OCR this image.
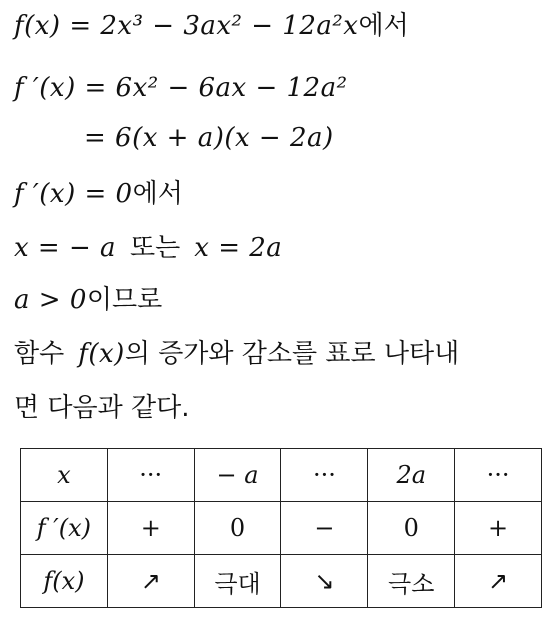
f(x) = 2x³ − 3ax² − 12a²x에서
f ′(x) = 6x² − 6ax − 12a²
= 6(x + a)(x − 2a)
f ′(x) = 0에서
x = − a 또는 x = 2a
a > 0이므로
함수 f(x)의 증가와 감소를 표로 나타내
면 다음과 같다.
x	···	− a	···	2a	···
f ′(x)	+	0	−	0	+
f(x)	↗	극대	↘	극소	↗
